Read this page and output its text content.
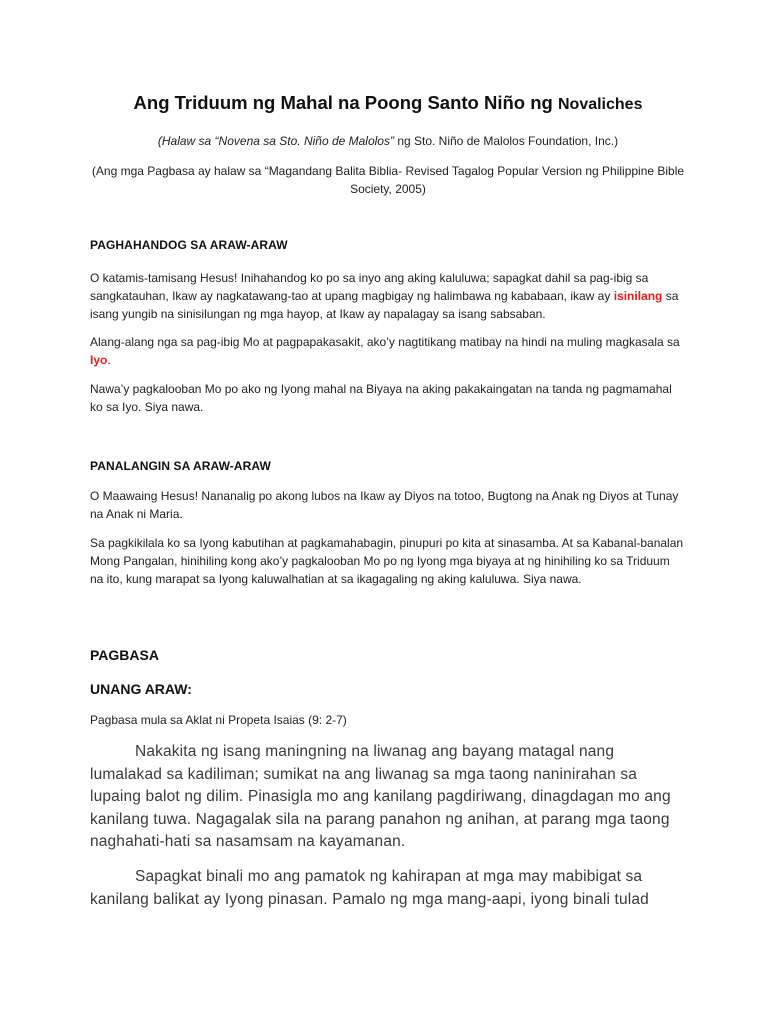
Ang Triduum ng Mahal na Poong Santo Niño ng Novaliches

(Halaw sa “Novena sa Sto. Niño de Malolos” ng Sto. Niño de Malolos Foundation, Inc.)

(Ang mga Pagbasa ay halaw sa “Magandang Balita Biblia- Revised Tagalog Popular Version ng Philippine Bible Society, 2005)

PAGHAHANDOG SA ARAW-ARAW

O katamis-tamisang Hesus! Inihahandog ko po sa inyo ang aking kaluluwa; sapagkat dahil sa pag-ibig sa sangkatauhan, Ikaw ay nagkatawang-tao at upang magbigay ng halimbawa ng kababaan, ikaw ay isinilang sa isang yungib na sinisilungan ng mga hayop, at Ikaw ay napalagay sa isang sabsaban.

Alang-alang nga sa pag-ibig Mo at pagpapakasakit, ako’y nagtitikang matibay na hindi na muling magkasala sa Iyo.

Nawa’y pagkalooban Mo po ako ng Iyong mahal na Biyaya na aking pakakaingatan na tanda ng pagmamahal ko sa Iyo. Siya nawa.

PANALANGIN SA ARAW-ARAW

O Maawaing Hesus! Nananalig po akong lubos na Ikaw ay Diyos na totoo, Bugtong na Anak ng Diyos at Tunay na Anak ni Maria.

Sa pagkikilala ko sa Iyong kabutihan at pagkamahabagin, pinupuri po kita at sinasamba. At sa Kabanal-banalan Mong Pangalan, hinihiling kong ako’y pagkalooban Mo po ng Iyong mga biyaya at ng hinihiling ko sa Triduum na ito, kung marapat sa Iyong kaluwalhatian at sa ikagagaling ng aking kaluluwa. Siya nawa.

PAGBASA
UNANG ARAW:

Pagbasa mula sa Aklat ni Propeta Isaias (9: 2-7)

Nakakita ng isang maningning na liwanag ang bayang matagal nang lumalakad sa kadiliman; sumikat na ang liwanag sa mga taong naninirahan sa lupaing balot ng dilim. Pinasigla mo ang kanilang pagdiriwang, dinagdagan mo ang kanilang tuwa. Nagagalak sila na parang panahon ng anihan, at parang mga taong naghahati-hati sa nasamsam na kayamanan.

Sapagkat binali mo ang pamatok ng kahirapan at mga may mabibigat sa kanilang balikat ay Iyong pinasan. Pamalo ng mga mang-aapi, iyong binali tulad
